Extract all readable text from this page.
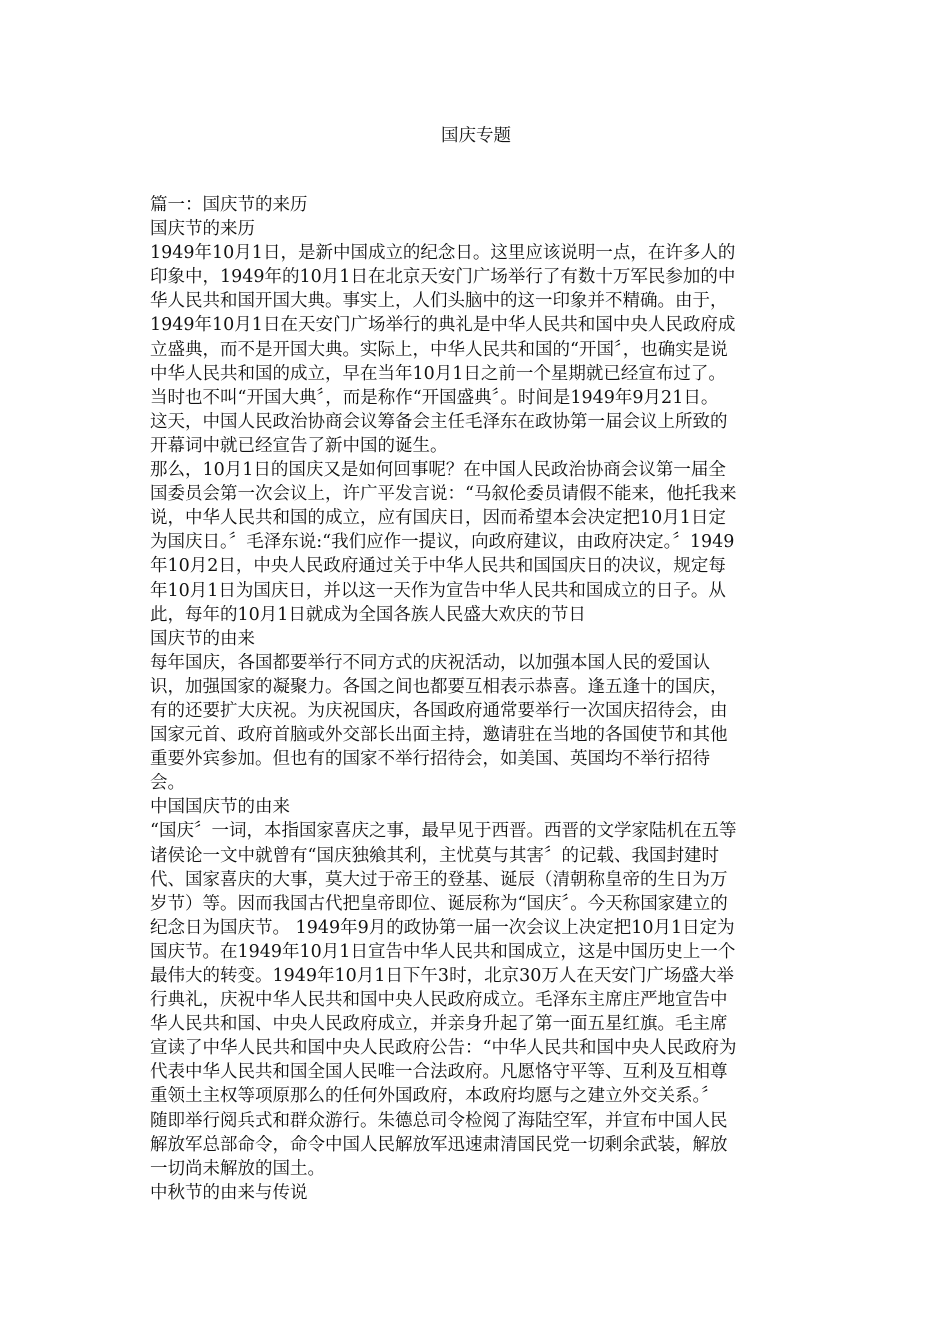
国庆专题
篇一：国庆节的来历
国庆节的来历
1949年10月1日，是新中国成立的纪念日。这里应该说明一点，在许多人的
印象中，1949年的10月1日在北京天安门广场举行了有数十万军民参加的中
华人民共和国开国大典。事实上，人们头脑中的这一印象并不精确。由于，
1949年10月1日在天安门广场举行的典礼是中华人民共和国中央人民政府成
立盛典，而不是开国大典。实际上，中华人民共和国的“开国〞，也确实是说
中华人民共和国的成立，早在当年10月1日之前一个星期就已经宣布过了。
当时也不叫“开国大典〞，而是称作“开国盛典〞。时间是1949年9月21日。
这天，中国人民政治协商会议筹备会主任毛泽东在政协第一届会议上所致的
开幕词中就已经宣告了新中国的诞生。
那么，10月1日的国庆又是如何回事呢？在中国人民政治协商会议第一届全
国委员会第一次会议上，许广平发言说：“马叙伦委员请假不能来，他托我来
说，中华人民共和国的成立，应有国庆日，因而希望本会决定把10月1日定
为国庆日。〞毛泽东说:“我们应作一提议，向政府建议，由政府决定。〞1949
年10月2日，中央人民政府通过关于中华人民共和国国庆日的决议，规定每
年10月1日为国庆日，并以这一天作为宣告中华人民共和国成立的日子。从
此，每年的10月1日就成为全国各族人民盛大欢庆的节日
国庆节的由来
每年国庆，各国都要举行不同方式的庆祝活动，以加强本国人民的爱国认
识，加强国家的凝聚力。各国之间也都要互相表示恭喜。逢五逢十的国庆，
有的还要扩大庆祝。为庆祝国庆，各国政府通常要举行一次国庆招待会，由
国家元首、政府首脑或外交部长出面主持，邀请驻在当地的各国使节和其他
重要外宾参加。但也有的国家不举行招待会，如美国、英国均不举行招待
会。
中国国庆节的由来
“国庆〞一词，本指国家喜庆之事，最早见于西晋。西晋的文学家陆机在五等
诸侯论一文中就曾有“国庆独飨其利，主忧莫与其害〞的记载、我国封建时
代、国家喜庆的大事，莫大过于帝王的登基、诞辰（清朝称皇帝的生日为万
岁节）等。因而我国古代把皇帝即位、诞辰称为“国庆〞。今天称国家建立的
纪念日为国庆节。 1949年9月的政协第一届一次会议上决定把10月1日定为
国庆节。在1949年10月1日宣告中华人民共和国成立，这是中国历史上一个
最伟大的转变。1949年10月1日下午3时，北京30万人在天安门广场盛大举
行典礼，庆祝中华人民共和国中央人民政府成立。毛泽东主席庄严地宣告中
华人民共和国、中央人民政府成立，并亲身升起了第一面五星红旗。毛主席
宣读了中华人民共和国中央人民政府公告：“中华人民共和国中央人民政府为
代表中华人民共和国全国人民唯一合法政府。凡愿恪守平等、互利及互相尊
重领土主权等项原那么的任何外国政府，本政府均愿与之建立外交关系。〞
随即举行阅兵式和群众游行。朱德总司令检阅了海陆空军，并宣布中国人民
解放军总部命令，命令中国人民解放军迅速肃清国民党一切剩余武装，解放
一切尚未解放的国土。
中秋节的由来与传说
